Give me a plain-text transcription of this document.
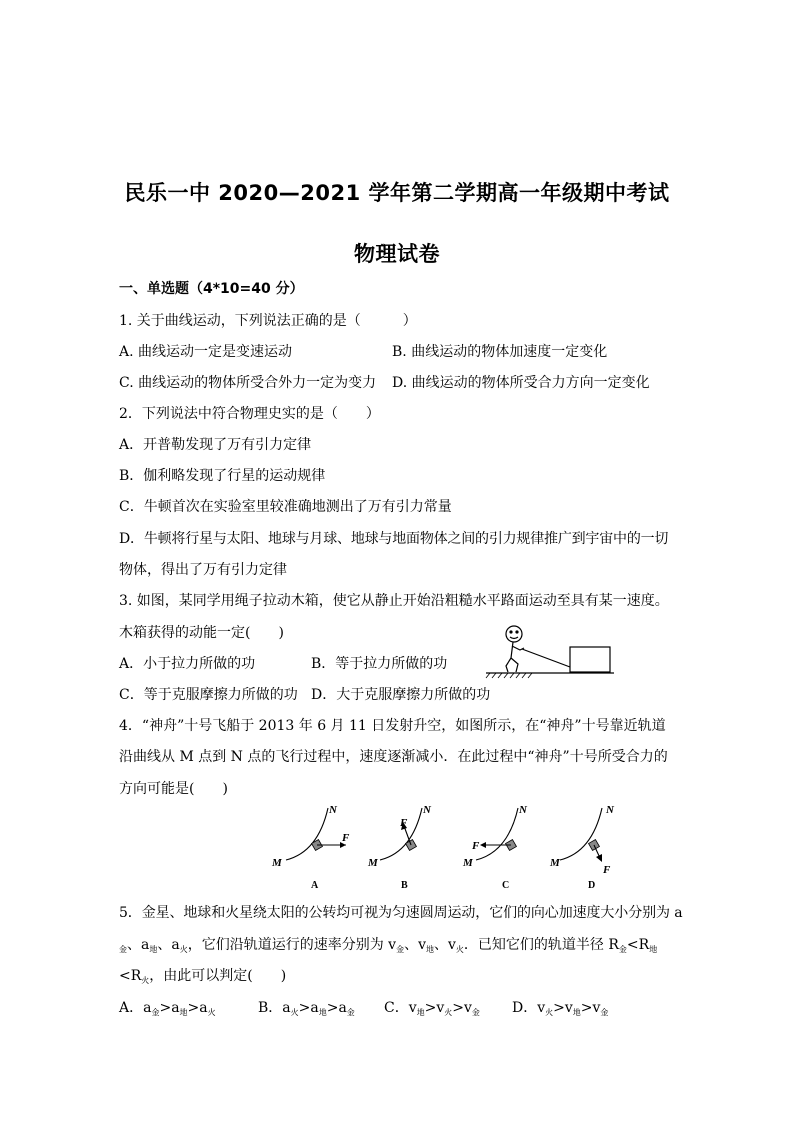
民乐一中 2020—2021 学年第二学期高一年级期中考试
物理试卷
一、单选题（4*10=40 分）
1. 关于曲线运动，下列说法正确的是（　　　）
A. 曲线运动一定是变速运动	B. 曲线运动的物体加速度一定变化
C. 曲线运动的物体所受合外力一定为变力 D. 曲线运动的物体所受合力方向一定变化
2．下列说法中符合物理史实的是（　　）
A．开普勒发现了万有引力定律
B．伽利略发现了行星的运动规律
C．牛顿首次在实验室里较准确地测出了万有引力常量
D．牛顿将行星与太阳、地球与月球、地球与地面物体之间的引力规律推广到宇宙中的一切
物体，得出了万有引力定律
3. 如图，某同学用绳子拉动木箱，使它从静止开始沿粗糙水平路面运动至具有某一速度。
木箱获得的动能一定(　　)
A．小于拉力所做的功	B．等于拉力所做的功
C．等于克服摩擦力所做的功 D．大于克服摩擦力所做的功
4．“神舟”十号飞船于 2013 年 6 月 11 日发射升空，如图所示，在“神舟”十号靠近轨道
沿曲线从 M 点到 N 点的飞行过程中，速度逐渐减小．在此过程中“神舟”十号所受合力的
方向可能是(　　)
N
F
M
A
N
F
M
B
N
F
M
C
N
F
M
D
5．金星、地球和火星绕太阳的公转均可视为匀速圆周运动，它们的向心加速度大小分别为 a
$_金$、$a_地$、$a_火$，它们沿轨道运行的速率分别为 $v_金$、$v_地$、$v_火$．已知它们的轨道半径 $R_金<R_地$
$<R_火$，由此可以判定(　　)
A．$a_金>a_地>a_火$	B．$a_火>a_地>a_金$ C．$v_地>v_火>v_金$ D．$v_火>v_地>v_金$
